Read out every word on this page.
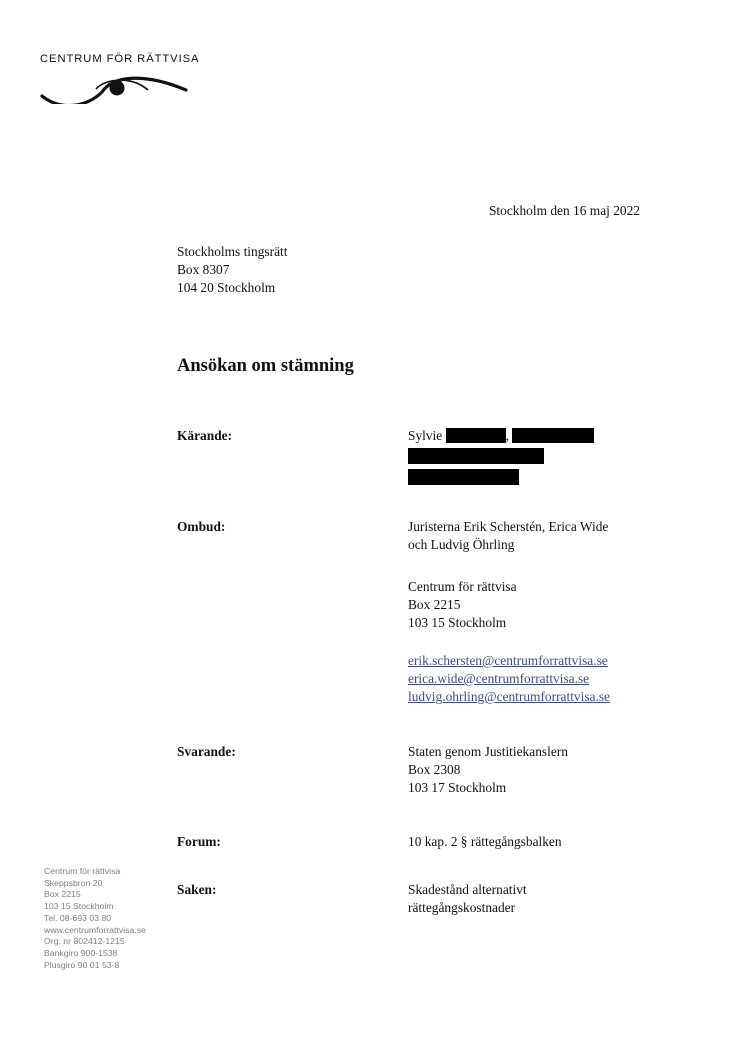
CENTRUM FÖR RÄTTVISA
Stockholm den 16 maj 2022
Stockholms tingsrätt
Box 8307
104 20 Stockholm
Ansökan om stämning
Kärande:	Sylvie	,
Ombud:	Juristerna Erik Scherstén, Erica Wide
och Ludvig Öhrling
Centrum för rättvisa
Box 2215
103 15 Stockholm
erik.schersten@centrumforrattvisa.se
erica.wide@centrumforrattvisa.se
ludvig.ohrling@centrumforrattvisa.se
Svarande:	Staten genom Justitiekanslern
Box 2308
103 17 Stockholm
Forum:	10 kap. 2 § rättegångsbalken
Saken:	Skadestånd alternativt
rättegångskostnader
Centrum för rättvisa
Skeppsbron 20
Box 2215
103 15 Stockholm
Tel. 08-693 03 80
www.centrumforrattvisa.se
Org. nr 802412-1215
Bankgiro 900-1538
Plusgiro 90 01 53-8
